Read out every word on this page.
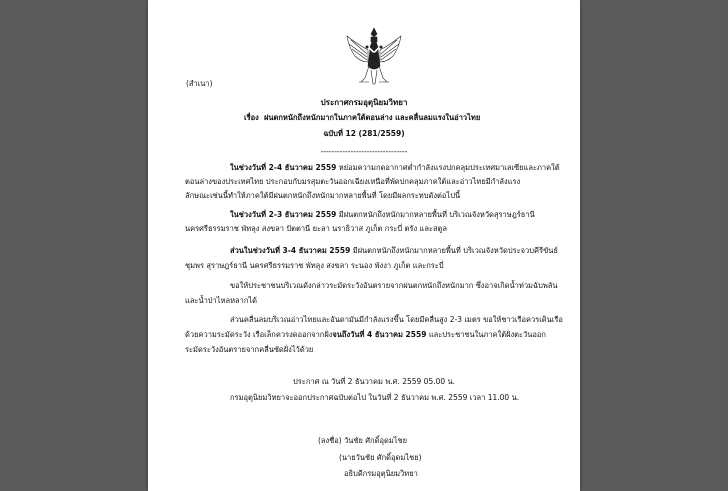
(สำเนา)
ประกาศกรมอุตุนิยมวิทยา
เรื่อง ฝนตกหนักถึงหนักมากในภาคใต้ตอนล่าง และคลื่นลมแรงในอ่าวไทย
ฉบับที่ 12 (281/2559)
--------------------------------
ในช่วงวันที่ 2-4 ธันวาคม 2559 หย่อมความกดอากาศต่ำกำลังแรงปกคลุมประเทศมาเลเซียและภาคใต้
ตอนล่างของประเทศไทย ประกอบกับมรสุมตะวันออกเฉียงเหนือที่พัดปกคลุมภาคใต้และอ่าวไทยมีกำลังแรง
ลักษณะเช่นนี้ทำให้ภาคใต้มีฝนตกหนักถึงหนักมากหลายพื้นที่ โดยมีผลกระทบดังต่อไปนี้
ในช่วงวันที่ 2-3 ธันวาคม 2559 มีฝนตกหนักถึงหนักมากหลายพื้นที่ บริเวณจังหวัดสุราษฎร์ธานี
นครศรีธรรมราช พัทลุง สงขลา ปัตตานี ยะลา นราธิวาส ภูเก็ต กระบี่ ตรัง และสตูล
ส่วนในช่วงวันที่ 3-4 ธันวาคม 2559 มีฝนตกหนักถึงหนักมากหลายพื้นที่ บริเวณจังหวัดประจวบคีรีขันธ์
ชุมพร สุราษฎร์ธานี นครศรีธรรมราช พัทลุง สงขลา ระนอง พังงา ภูเก็ต และกระบี่
ขอให้ประชาชนบริเวณดังกล่าวระมัดระวังอันตรายจากฝนตกหนักถึงหนักมาก ซึ่งอาจเกิดน้ำท่วมฉับพลัน
และน้ำป่าไหลหลากได้
ส่วนคลื่นลมบริเวณอ่าวไทยและอันดามันมีกำลังแรงขึ้น โดยมีคลื่นสูง 2-3 เมตร ขอให้ชาวเรือควรเดินเรือ
ด้วยความระมัดระวัง เรือเล็กควรงดออกจากฝั่งจนถึงวันที่ 4 ธันวาคม 2559 และประชาชนในภาคใต้ฝั่งตะวันออก
ระมัดระวังอันตรายจากคลื่นซัดฝั่งไว้ด้วย
ประกาศ ณ วันที่ 2 ธันวาคม พ.ศ. 2559 05.00 น.
กรมอุตุนิยมวิทยาจะออกประกาศฉบับต่อไป ในวันที่ 2 ธันวาคม พ.ศ. 2559 เวลา 11.00 น.
(ลงชื่อ) วันชัย ศักดิ์อุดมไชย
(นายวันชัย ศักดิ์อุดมไชย)
อธิบดีกรมอุตุนิยมวิทยา
